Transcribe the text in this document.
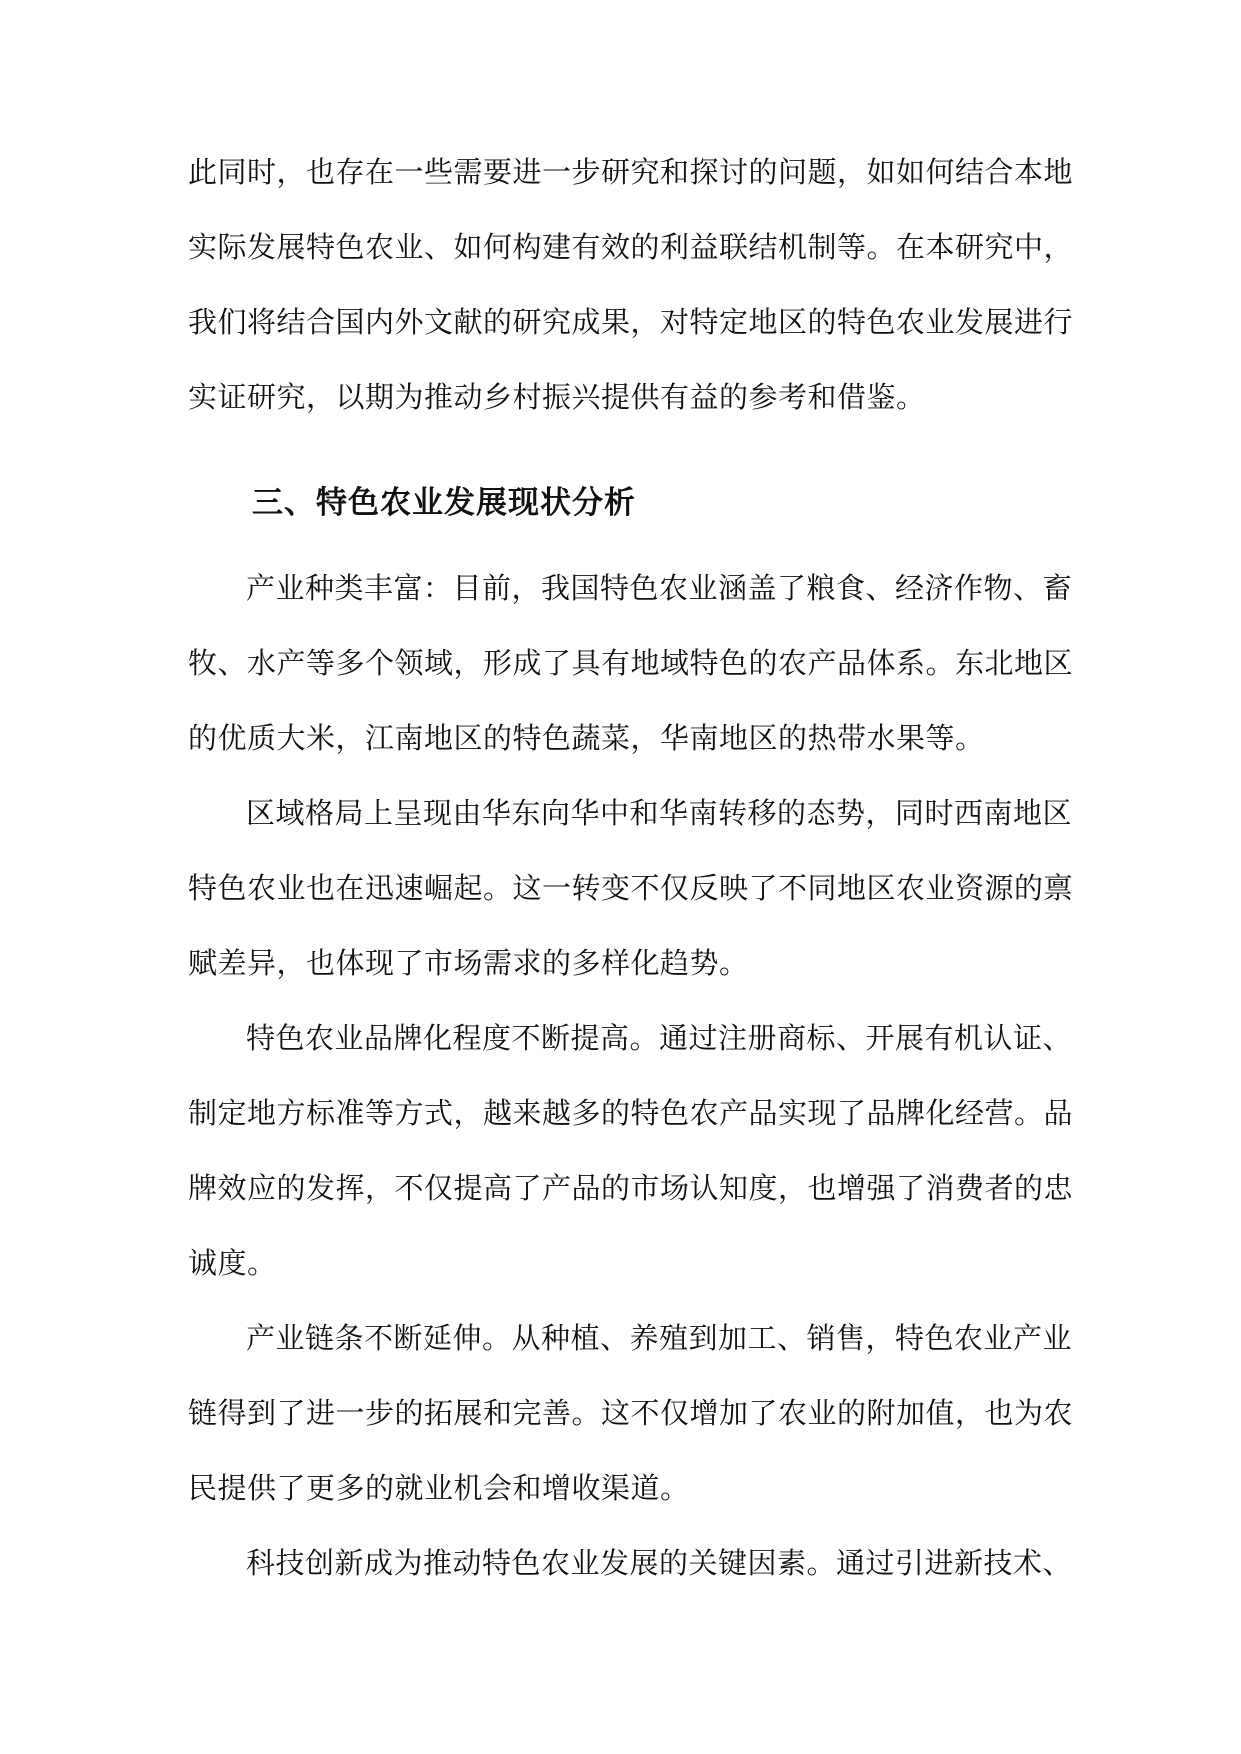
此同时，也存在一些需要进一步研究和探讨的问题，如如何结合本地
实际发展特色农业、如何构建有效的利益联结机制等。在本研究中，
我们将结合国内外文献的研究成果，对特定地区的特色农业发展进行
实证研究，以期为推动乡村振兴提供有益的参考和借鉴。
三、特色农业发展现状分析
产业种类丰富：目前，我国特色农业涵盖了粮食、经济作物、畜
牧、水产等多个领域，形成了具有地域特色的农产品体系。东北地区
的优质大米，江南地区的特色蔬菜，华南地区的热带水果等。
区域格局上呈现由华东向华中和华南转移的态势，同时西南地区
特色农业也在迅速崛起。这一转变不仅反映了不同地区农业资源的禀
赋差异，也体现了市场需求的多样化趋势。
特色农业品牌化程度不断提高。通过注册商标、开展有机认证、
制定地方标准等方式，越来越多的特色农产品实现了品牌化经营。品
牌效应的发挥，不仅提高了产品的市场认知度，也增强了消费者的忠
诚度。
产业链条不断延伸。从种植、养殖到加工、销售，特色农业产业
链得到了进一步的拓展和完善。这不仅增加了农业的附加值，也为农
民提供了更多的就业机会和增收渠道。
科技创新成为推动特色农业发展的关键因素。通过引进新技术、
